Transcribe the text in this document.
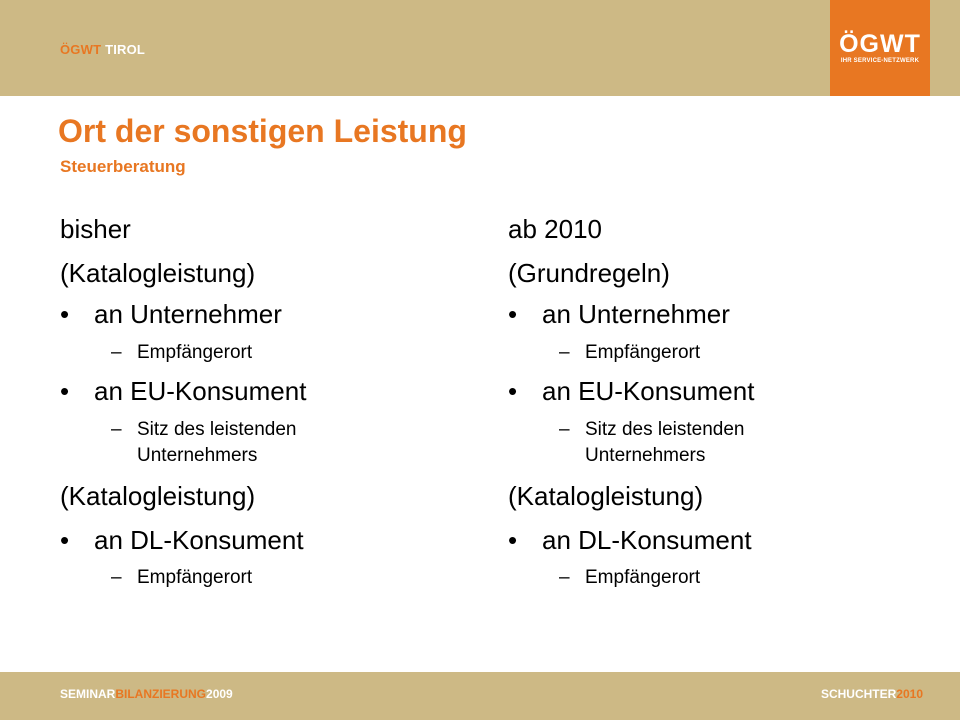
ÖGWT TIROL	ÖGWT
IHR SERVICE-NETZWERK
Ort der sonstigen Leistung
Steuerberatung
bisher
(Katalogleistung)
• an Unternehmer
– Empfängerort
• an EU-Konsument
– Sitz des leistenden
Unternehmers
(Katalogleistung)
• an DL-Konsument
– Empfängerort
ab 2010
(Grundregeln)
• an Unternehmer
– Empfängerort
• an EU-Konsument
– Sitz des leistenden
Unternehmers
(Katalogleistung)
• an DL-Konsument
– Empfängerort
SEMINARBILANZIERUNG2009	SCHUCHTER2010
